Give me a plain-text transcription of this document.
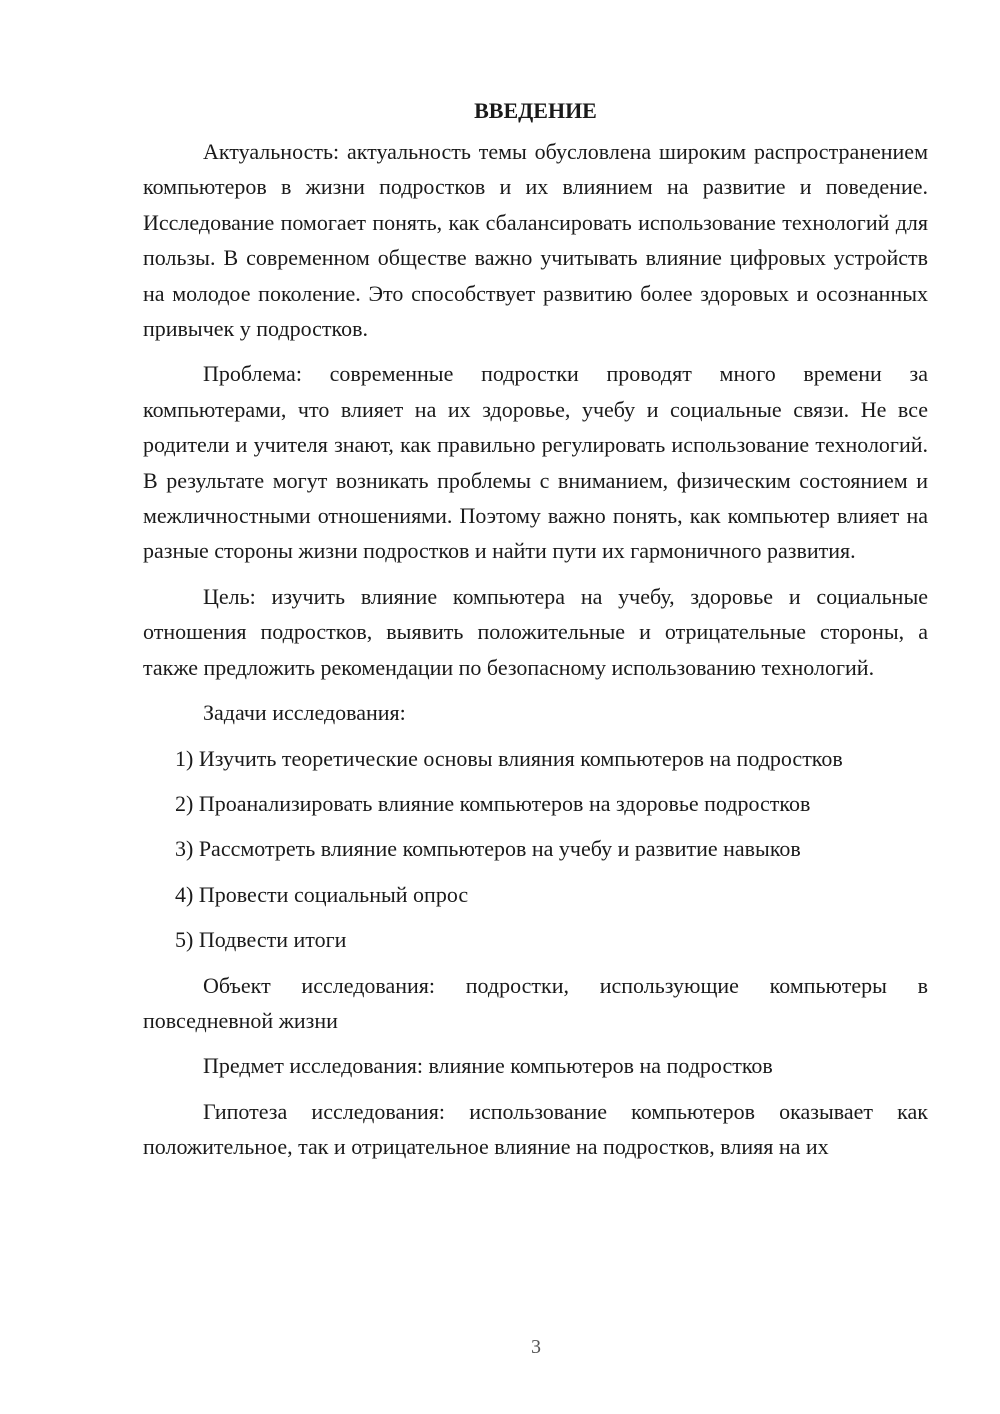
ВВЕДЕНИЕ

Актуальность: актуальность темы обусловлена широким распространением компьютеров в жизни подростков и их влиянием на развитие и поведение. Исследование помогает понять, как сбалансировать использование технологий для пользы. В современном обществе важно учитывать влияние цифровых устройств на молодое поколение. Это способствует развитию более здоровых и осознанных привычек у подростков.

Проблема: современные подростки проводят много времени за компьютерами, что влияет на их здоровье, учебу и социальные связи. Не все родители и учителя знают, как правильно регулировать использование технологий. В результате могут возникать проблемы с вниманием, физическим состоянием и межличностными отношениями. Поэтому важно понять, как компьютер влияет на разные стороны жизни подростков и найти пути их гармоничного развития.

Цель: изучить влияние компьютера на учебу, здоровье и социальные отношения подростков, выявить положительные и отрицательные стороны, а также предложить рекомендации по безопасному использованию технологий.

Задачи исследования:

1) Изучить теоретические основы влияния компьютеров на подростков

2) Проанализировать влияние компьютеров на здоровье подростков

3) Рассмотреть влияние компьютеров на учебу и развитие навыков

4) Провести социальный опрос

5) Подвести итоги

Объект исследования: подростки, использующие компьютеры в повседневной жизни

Предмет исследования: влияние компьютеров на подростков

Гипотеза исследования: использование компьютеров оказывает как положительное, так и отрицательное влияние на подростков, влияя на их

3
